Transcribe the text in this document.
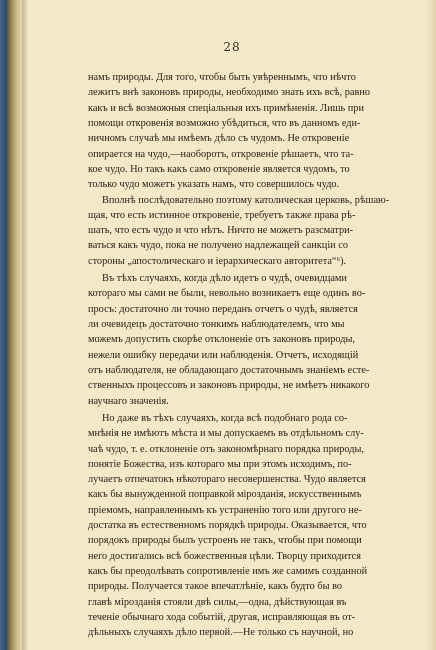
28
намъ природы. Для того, чтобы быть увѣреннымъ, что нѣчто
лежитъ внѣ законовъ природы, необходимо знать ихъ всѣ, равно
какъ и всѣ возможныя спеціальныя ихъ примѣненія. Лишь при
помощи откровенія возможно убѣдиться, что въ данномъ еди-
ничномъ случаѣ мы имѣемъ дѣло съ чудомъ. Не откровеніе
опирается на чудо,—наоборотъ, откровеніе рѣшаетъ, что та-
кое чудо. Но такъ какъ само откровеніе является чудомъ, то
только чудо можетъ указать намъ, что совершилось чудо.
Вполнѣ послѣдовательно поэтому католическая церковь, рѣшаю-
щая, что есть истинное откровеніе, требуетъ также права рѣ-
шать, что есть чудо и что нѣтъ. Ничто не можетъ разсматри-
ваться какъ чудо, пока не получено надлежащей санкціи со
стороны „апостолическаго и іерархическаго авторитета“⁶).
Въ тѣхъ случаяхъ, когда дѣло идетъ о чудѣ, очевидцами
котораго мы сами не были, невольно возникаетъ еще одинъ во-
просъ: достаточно ли точно переданъ отчетъ о чудѣ, является
ли очевидецъ достаточно тонкимъ наблюдателемъ, что мы
можемъ допустить скорѣе отклоненіе отъ законовъ природы,
нежели ошибку передачи или наблюденія. Отчетъ, исходящій
отъ наблюдателя, не обладающаго достаточнымъ знаніемъ есте-
ственныхъ процессовъ и законовъ природы, не имѣетъ никакого
научнаго значенія.
Но даже въ тѣхъ случаяхъ, когда всѣ подобнаго рода со-
мнѣнія не имѣютъ мѣста и мы допускаемъ въ отдѣльномъ слу-
чаѣ чудо, т. е. отклоненіе отъ закономѣрнаго порядка природы,
понятіе Божества, изъ котораго мы при этомъ исходимъ, по-
лучаетъ отпечатокъ нѣкотораго несовершенства. Чудо является
какъ бы вынужденной поправкой мірозданія, искусственнымъ
пріемомъ, направленнымъ къ устраненію того или другого не-
достатка въ естественномъ порядкѣ природы. Оказывается, что
порядокъ природы былъ устроенъ не такъ, чтобы при помощи
него достигались всѣ божественныя цѣли. Творцу приходится
какъ бы преодолѣвать сопротивленіе имъ же самимъ созданной
природы. Получается такое впечатлѣніе, какъ будто бы во
главѣ мірозданія стояли двѣ силы,—одна, дѣйствующая въ
теченіе обычнаго хода событій, другая, исправляющая въ от-
дѣльныхъ случаяхъ дѣло первой.—Не только съ научной, но
